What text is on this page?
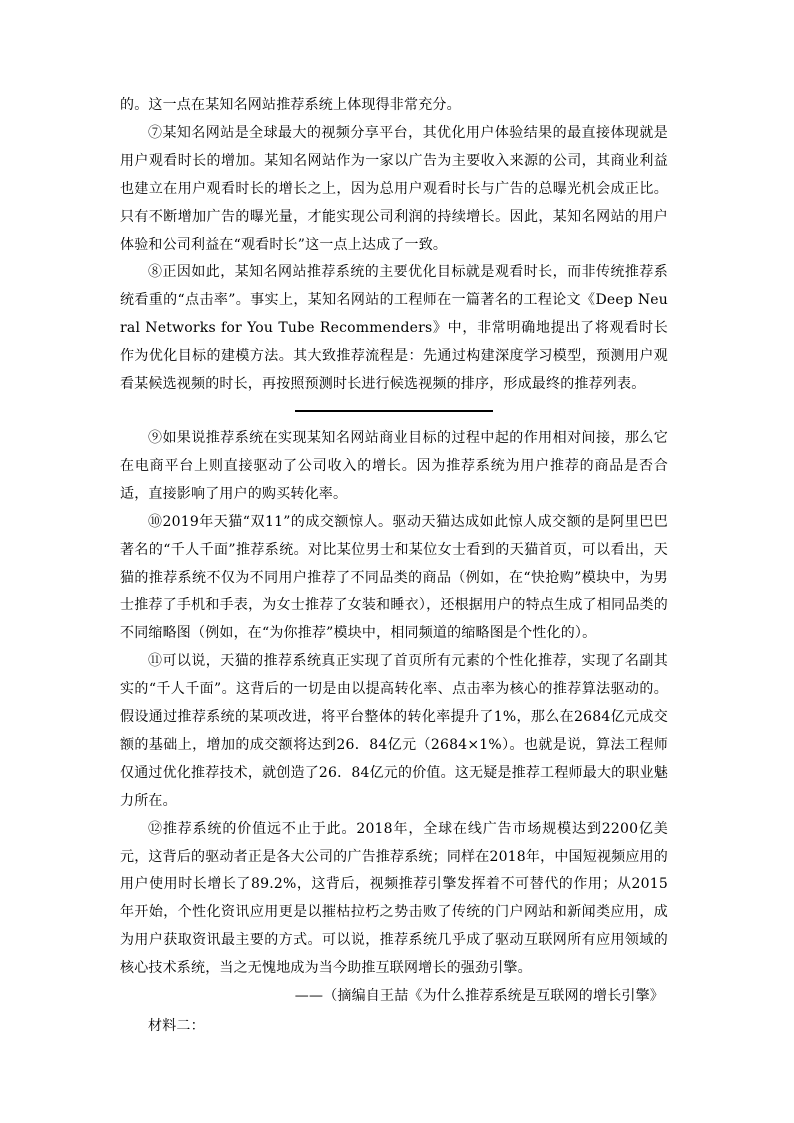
的。这一点在某知名网站推荐系统上体现得非常充分。

⑦某知名网站是全球最大的视频分享平台，其优化用户体验结果的最直接体现就是用户观看时长的增加。某知名网站作为一家以广告为主要收入来源的公司，其商业利益也建立在用户观看时长的增长之上，因为总用户观看时长与广告的总曝光机会成正比。只有不断增加广告的曝光量，才能实现公司利润的持续增长。因此，某知名网站的用户体验和公司利益在“观看时长”这一点上达成了一致。

⑧正因如此，某知名网站推荐系统的主要优化目标就是观看时长，而非传统推荐系统看重的“点击率”。事实上，某知名网站的工程师在一篇著名的工程论文《Deep Neural Networks for You Tube Recommenders》中，非常明确地提出了将观看时长作为优化目标的建模方法。其大致推荐流程是：先通过构建深度学习模型，预测用户观看某候选视频的时长，再按照预测时长进行候选视频的排序，形成最终的推荐列表。

⑨如果说推荐系统在实现某知名网站商业目标的过程中起的作用相对间接，那么它在电商平台上则直接驱动了公司收入的增长。因为推荐系统为用户推荐的商品是否合适，直接影响了用户的购买转化率。

⑩2019年天猫“双11”的成交额惊人。驱动天猫达成如此惊人成交额的是阿里巴巴著名的“千人千面”推荐系统。对比某位男士和某位女士看到的天猫首页，可以看出，天猫的推荐系统不仅为不同用户推荐了不同品类的商品（例如，在“快抢购”模块中，为男士推荐了手机和手表，为女士推荐了女装和睡衣），还根据用户的特点生成了相同品类的不同缩略图（例如，在“为你推荐”模块中，相同频道的缩略图是个性化的）。

⑪可以说，天猫的推荐系统真正实现了首页所有元素的个性化推荐，实现了名副其实的“千人千面”。这背后的一切是由以提高转化率、点击率为核心的推荐算法驱动的。假设通过推荐系统的某项改进，将平台整体的转化率提升了1%，那么在2684亿元成交额的基础上，增加的成交额将达到26．84亿元（2684×1%）。也就是说，算法工程师仅通过优化推荐技术，就创造了26．84亿元的价值。这无疑是推荐工程师最大的职业魅力所在。

⑫推荐系统的价值远不止于此。2018年，全球在线广告市场规模达到2200亿美元，这背后的驱动者正是各大公司的广告推荐系统；同样在2018年，中国短视频应用的用户使用时长增长了89.2%，这背后，视频推荐引擎发挥着不可替代的作用；从2015年开始，个性化资讯应用更是以摧枯拉朽之势击败了传统的门户网站和新闻类应用，成为用户获取资讯最主要的方式。可以说，推荐系统几乎成了驱动互联网所有应用领域的核心技术系统，当之无愧地成为当今助推互联网增长的强劲引擎。

——（摘编自王喆《为什么推荐系统是互联网的增长引擎》

材料二：
